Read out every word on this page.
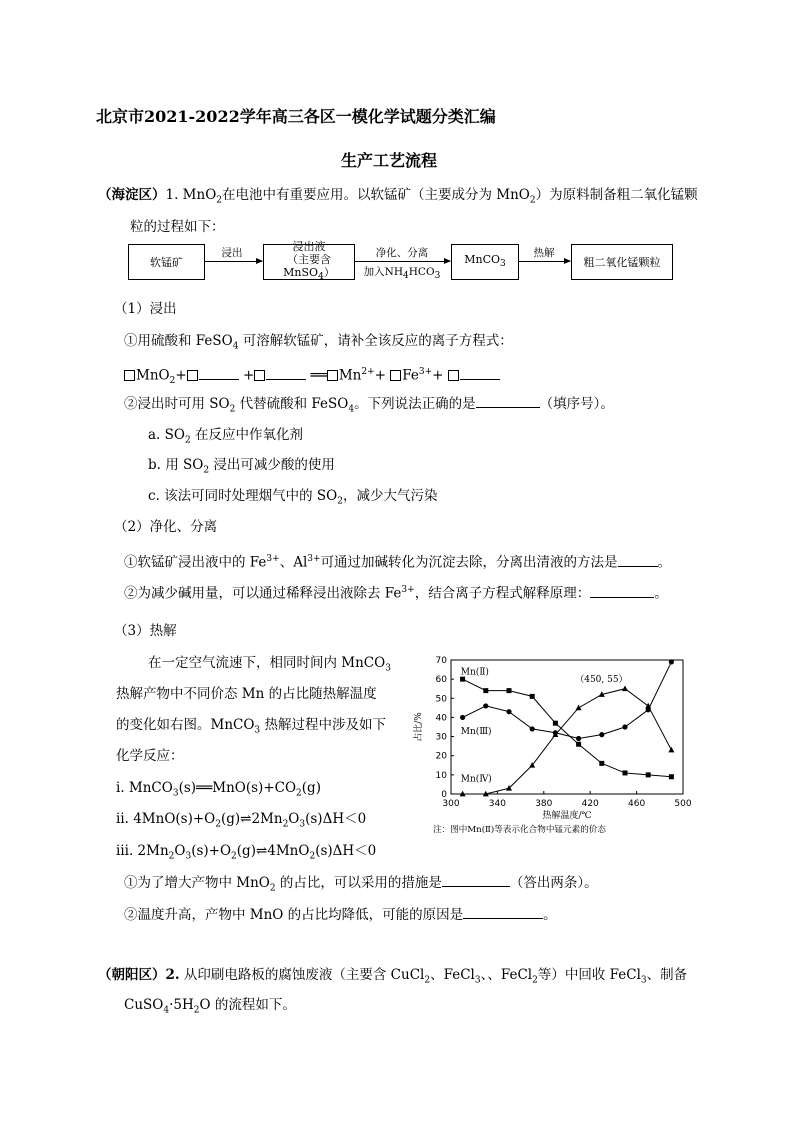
北京市2021-2022学年高三各区一模化学试题分类汇编
生产工艺流程
（海淀区）1. MnO$_2$在电池中有重要应用。以软锰矿（主要成分为 MnO$_2$）为原料制备粗二氧化锰颗
粒的过程如下：
软锰矿
浸出
浸出液
（主要含MnSO$_4$）
净化、分离
加入$NH_4HCO_3$
MnCO$_3$
热解
粗二氧化锰颗粒
（1）浸出
①用硫酸和 FeSO$_4$ 可溶解软锰矿，请补全该反应的离子方程式：
MnO$_2$+	+	══ $Mn^{2+}+ Fe^{3+}+$
②浸出时可用 $SO_2$ 代替硫酸和 FeSO$_4$。下列说法正确的是	（填序号）。
a. $SO_2$ 在反应中作氧化剂
b. 用 $SO_2$ 浸出可减少酸的使用
c. 该法可同时处理烟气中的 $SO_2$，减少大气污染
（2）净化、分离
①软锰矿浸出液中的 $Fe^{3+}$、$Al^{3+}$可通过加碱转化为沉淀去除，分离出清液的方法是	。
②为减少碱用量，可以通过稀释浸出液除去 $Fe^{3+}$，结合离子方程式解释原理：	。
（3）热解
在一定空气流速下，相同时间内 MnCO$_3$
热解产物中不同价态 Mn 的占比随热解温度
的变化如右图。MnCO$_3$ 热解过程中涉及如下
化学反应：
ⅰ. $MnCO_3(s)══MnO(s)+CO_2(g)$
ⅱ. $4MnO(s)+O_2(g)\rightleftharpoons 2Mn_2O_3(s)\Delta H<0$
ⅲ. $2Mn_2O_3(s)+O_2(g)\rightleftharpoons 4MnO_2(s)\Delta H<0$
①为了增大产物中 MnO$_2$ 的占比，可以采用的措施是	（答出两条）。
②温度升高，产物中 MnO 的占比均降低，可能的原因是	。
300	340	380	420	460	500
0
10
20
30
40
50
60
70
热解温度/℃
占比/%
Mn(Ⅱ)
Mn(Ⅲ)
Mn(Ⅳ)
（450, 55）
注：图中Mn(Ⅱ)等表示化合物中锰元素的价态
（朝阳区）2. 从印刷电路板的腐蚀废液（主要含 CuCl$_2$、FeCl$_3$、、FeCl$_2$等）中回收 FeCl$_3$、制备
$CuSO_4\cdot 5H_2O$ 的流程如下。
